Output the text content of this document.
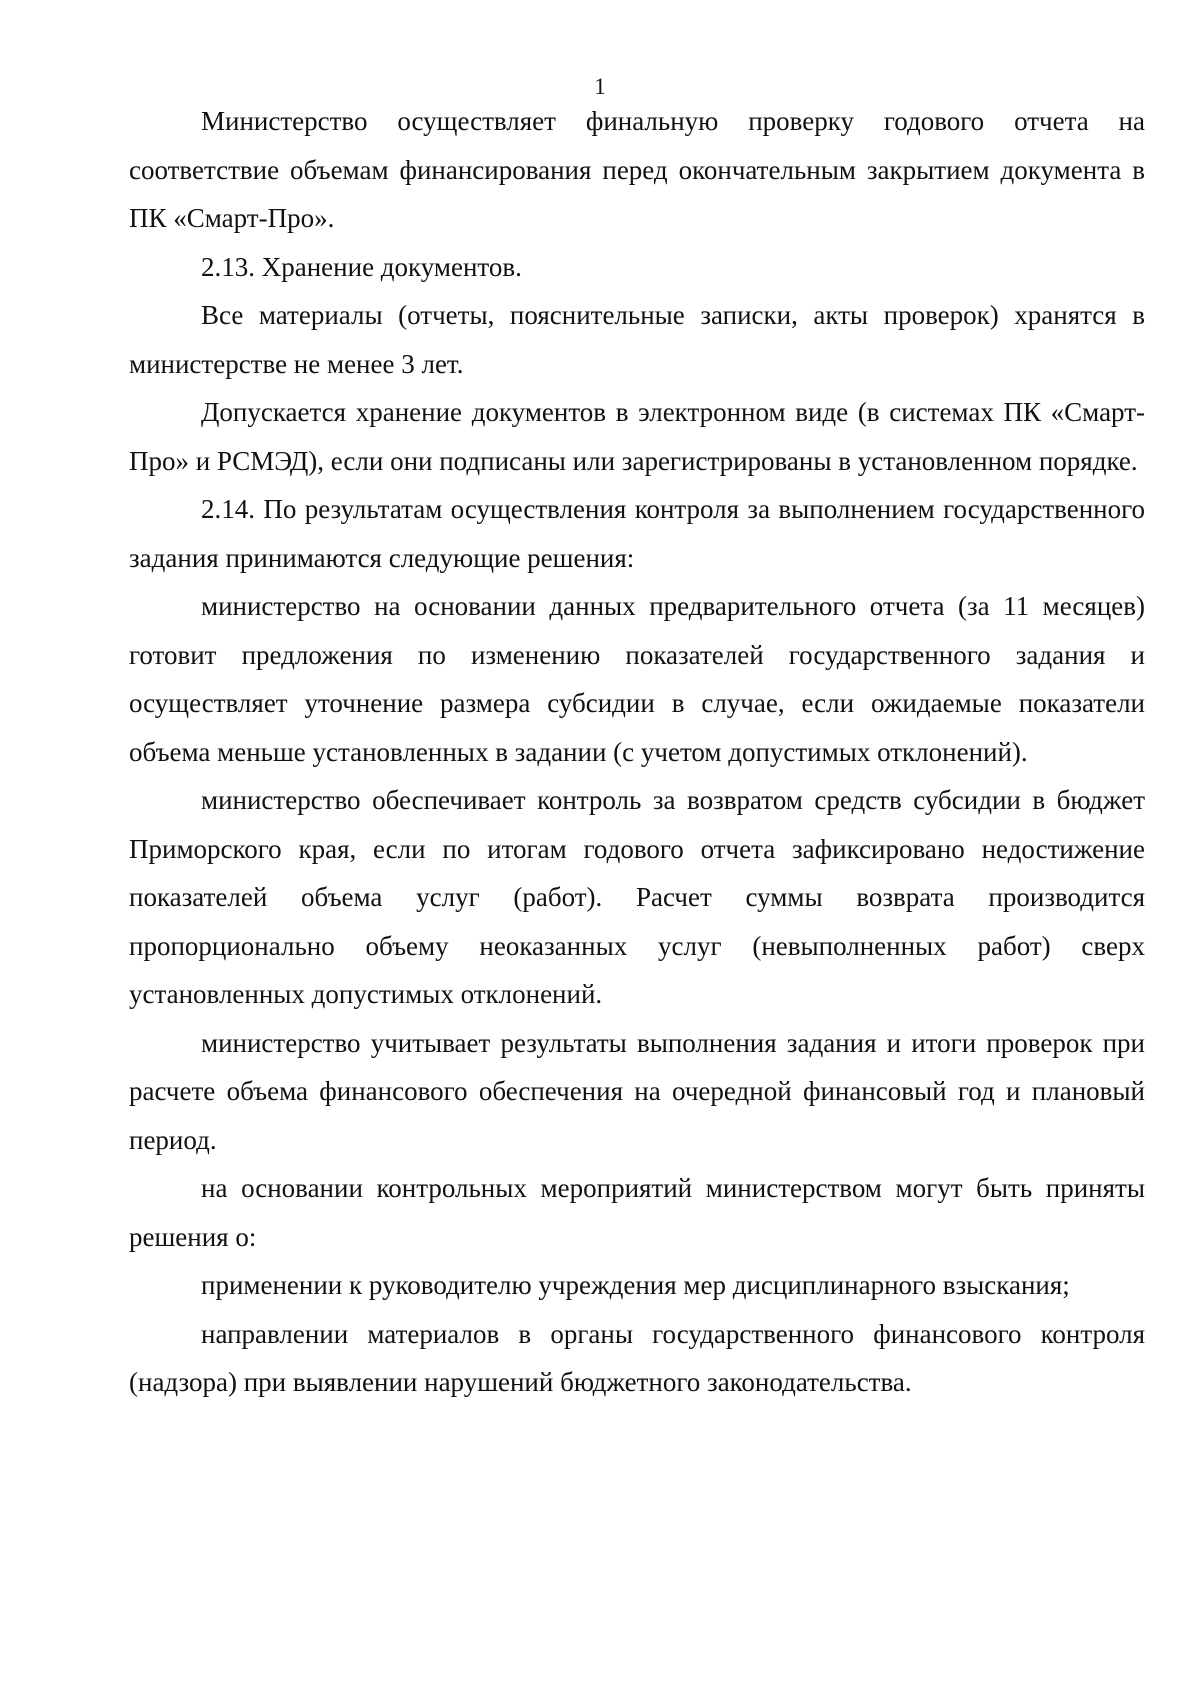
1

Министерство осуществляет финальную проверку годового отчета на соответствие объемам финансирования перед окончательным закрытием документа в ПК «Смарт-Про».

2.13. Хранение документов.

Все материалы (отчеты, пояснительные записки, акты проверок) хранятся в министерстве не менее 3 лет.

Допускается хранение документов в электронном виде (в системах ПК «Смарт-Про» и РСМЭД), если они подписаны или зарегистрированы в установленном порядке.

2.14. По результатам осуществления контроля за выполнением государственного задания принимаются следующие решения:

министерство на основании данных предварительного отчета (за 11 месяцев) готовит предложения по изменению показателей государственного задания и осуществляет уточнение размера субсидии в случае, если ожидаемые показатели объема меньше установленных в задании (с учетом допустимых отклонений).

министерство обеспечивает контроль за возвратом средств субсидии в бюджет Приморского края, если по итогам годового отчета зафиксировано недостижение показателей объема услуг (работ). Расчет суммы возврата производится пропорционально объему неоказанных услуг (невыполненных работ) сверх установленных допустимых отклонений.

министерство учитывает результаты выполнения задания и итоги проверок при расчете объема финансового обеспечения на очередной финансовый год и плановый период.

на основании контрольных мероприятий министерством могут быть приняты решения о:

применении к руководителю учреждения мер дисциплинарного взыскания;

направлении материалов в органы государственного финансового контроля (надзора) при выявлении нарушений бюджетного законодательства.
